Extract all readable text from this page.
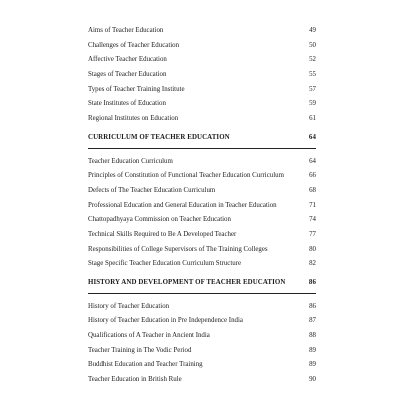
Aims of Teacher Education	49
Challenges of Teacher Education	50
Affective Teacher Education	52
Stages of Teacher Education	55
Types of Teacher Training Institute	57
State Institutes of Education	59
Regional Institutes on Education	61
CURRICULUM OF TEACHER EDUCATION	64
Teacher Education Curriculum	64
Principles of Constitution of Functional Teacher Education Curriculum	66
Defects of The Teacher Education Curriculum	68
Professional Education and General Education in Teacher Education	71
Chattopadhyaya Commission on Teacher Education	74
Technical Skills Required to Be A Developed Teacher	77
Responsibilities of College Supervisors of The Training Colleges	80
Stage Specific Teacher Education Curriculum Structure	82
HISTORY AND DEVELOPMENT OF TEACHER EDUCATION	86
History of Teacher Education	86
History of Teacher Education in Pre Independence India	87
Qualifications of A Teacher in Ancient India	88
Teacher Training in The Vodic Period	89
Buddhist Education and Teacher Training	89
Teacher Education in British Rule	90
